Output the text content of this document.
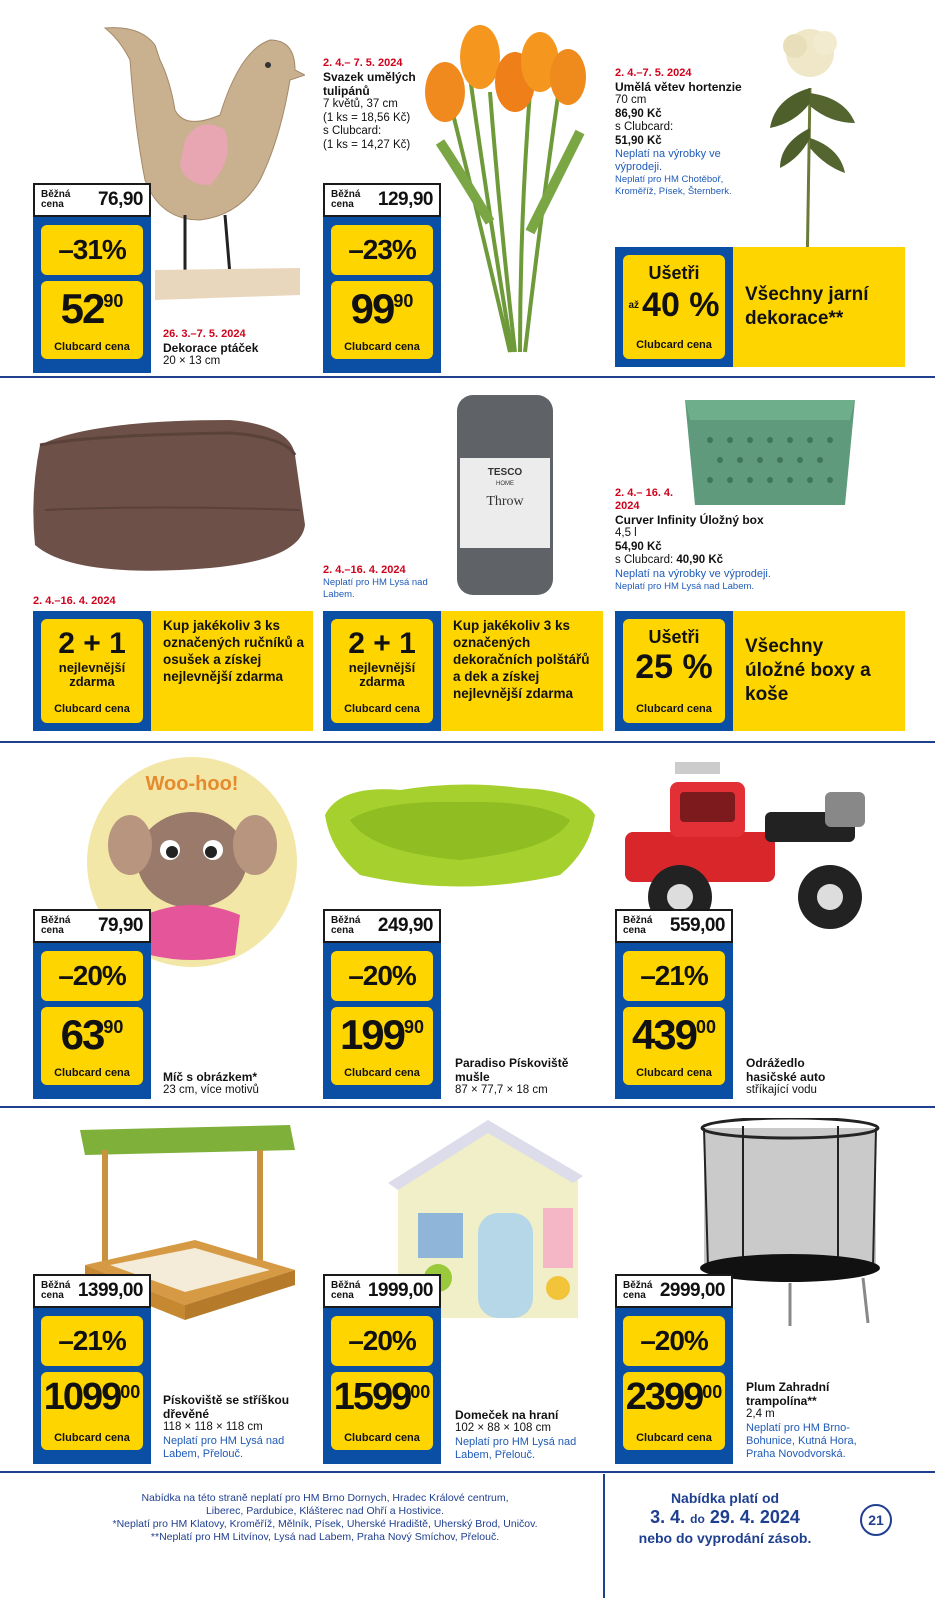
Běžná cena	76,90
–31%
$52^{90}$
Clubcard cena
26. 3.–7. 5. 2024
Dekorace ptáček
20 × 13 cm
2. 4.– 7. 5. 2024
Svazek umělých tulipánů
7 květů, 37 cm
(1 ks = 18,56 Kč)
s Clubcard:
(1 ks = 14,27 Kč)
Běžná cena	129,90
–23%
$99^{90}$
Clubcard cena
2. 4.–7. 5. 2024
Umělá větev hortenzie
70 cm
86,90 Kč
s Clubcard:
51,90 Kč
Neplatí na výrobky ve výprodeji.
Neplatí pro HM Chotěboř, Kroměříž, Písek, Šternberk.
Ušetři
až 40 %
Clubcard cena
Všechny jarní dekorace**
TESCO
HOME
Throw
2. 4.–16. 4. 2024
2 + 1
nejlevnější zdarma
Clubcard cena
Kup jakékoliv 3 ks označených ručníků a osušek a získej nejlevnější zdarma
2. 4.–16. 4. 2024
Neplatí pro HM Lysá nad Labem.
2 + 1
nejlevnější zdarma
Clubcard cena
Kup jakékoliv 3 ks označených dekoračních polštářů a dek a získej nejlevnější zdarma
2. 4.– 16. 4. 2024
Curver Infinity Úložný box
4,5 l
54,90 Kč
s Clubcard: 40,90 Kč
Neplatí na výrobky ve výprodeji.
Neplatí pro HM Lysá nad Labem.
Ušetři
25 %
Clubcard cena
Všechny úložné boxy a koše
Woo-hoo!
Běžná cena	79,90
–20%
$63^{90}$
Clubcard cena	Míč s obrázkem*
23 cm, více motivů
Běžná cena	249,90
–20%
$199^{90}$
Clubcard cena
Paradiso Pískoviště mušle
87 × 77,7 × 18 cm
Běžná cena	559,00
–21%
$439^{00}$
Clubcard cena
Odrážedlo hasičské auto
stříkající vodu
Běžná cena 1399,00
–21%
1099$^{00}$
Clubcard cena
Pískoviště se stříškou dřevěné
118 × 118 × 118 cm
Neplatí pro HM Lysá nad Labem, Přelouč.
Běžná cena 1999,00
–20%
1599$^{00}$
Clubcard cena
Domeček na hraní
102 × 88 × 108 cm
Neplatí pro HM Lysá nad Labem, Přelouč.
Běžná cena 2999,00
–20%
2399$^{00}$
Clubcard cena
Plum Zahradní trampolína**
2,4 m
Neplatí pro HM Brno-Bohunice, Kutná Hora, Praha Novodvorská.
Nabídka na této straně neplatí pro HM Brno Dornych, Hradec Králové centrum,
Liberec, Pardubice, Klášterec nad Ohří a Hostivice.
*Neplatí pro HM Klatovy, Kroměříž, Mělník, Písek, Uherské Hradiště, Uherský Brod, Uničov.
**Neplatí pro HM Litvínov, Lysá nad Labem, Praha Nový Smíchov, Přelouč.
Nabídka platí od
3. 4. do 29. 4. 2024
nebo do vyprodání zásob.
21
